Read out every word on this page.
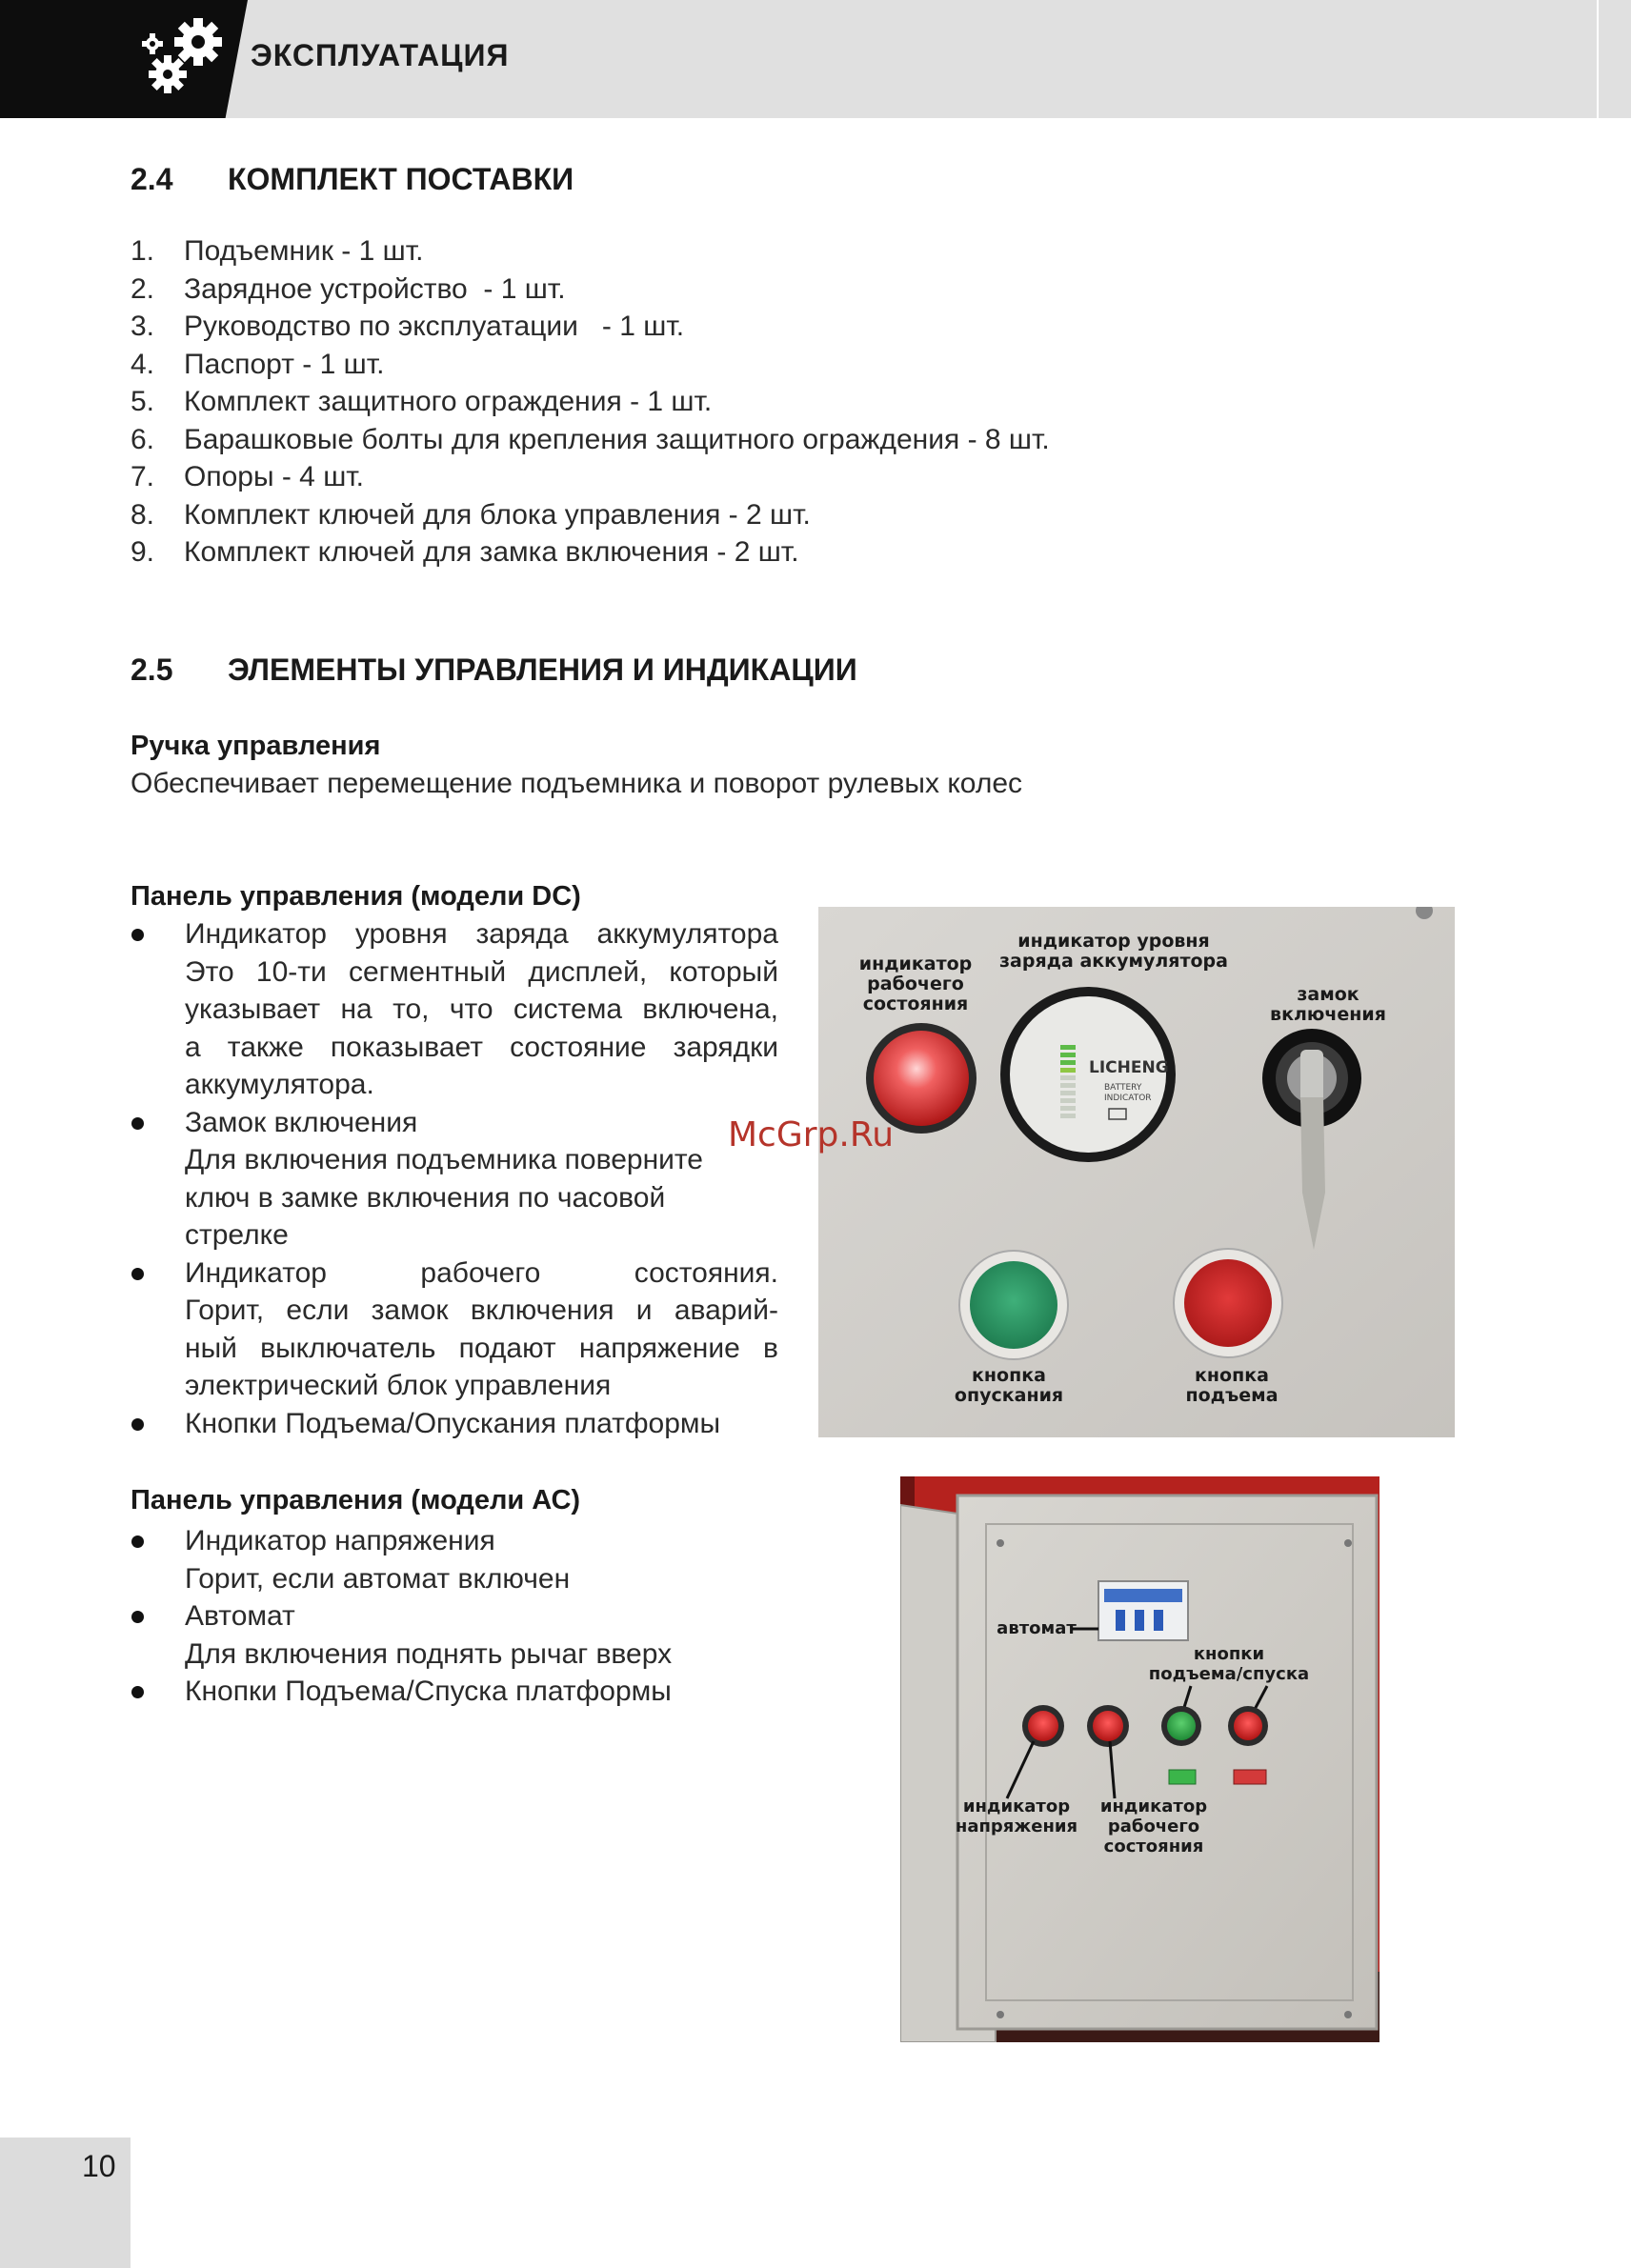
ЭКСПЛУАТАЦИЯ
2.4 КОМПЛЕКТ ПОСТАВКИ
1.	Подъемник - 1 шт.
2.	Зарядное устройство  - 1 шт.
3.	Руководство по эксплуатации   - 1 шт.
4.	Паспорт - 1 шт.
5.	Комплект защитного ограждения - 1 шт.
6.	Барашковые болты для крепления защитного ограждения - 8 шт.
7.	Опоры - 4 шт.
8.	Комплект ключей для блока управления - 2 шт.
9.	Комплект ключей для замка включения - 2 шт.
2.5 ЭЛЕМЕНТЫ УПРАВЛЕНИЯ И ИНДИКАЦИИ
Ручка управления
Обеспечивает перемещение подъемника и поворот рулевых колес
Панель управления (модели DC)
Индикатор уровня заряда аккумулятора
Это 10-ти сегментный дисплей, который
указывает на то, что система включена,
а также показывает состояние зарядки
аккумулятора.
Замок включения
Для включения подъемника поверните
ключ в замке включения по часовой
стрелке
Индикатор рабочего состояния.
Горит, если замок включения и аварий-
ный выключатель подают напряжение в
электрический блок управления
Кнопки Подъема/Опускания платформы
индикатор
рабочего
состояния
индикатор уровня
заряда аккумулятора
замок
включения
LICHENG
BATTERY
INDICATOR
кнопка
опускания
кнопка
подъема
Панель управления (модели АС)
Индикатор напряжения
Горит, если автомат включен
Автомат
Для включения поднять рычаг вверх
Кнопки Подъема/Спуска платформы
автомат
кнопки
подъема/спуска
индикатор
напряжения
индикатор
рабочего
состояния
McGrp.Ru
10
